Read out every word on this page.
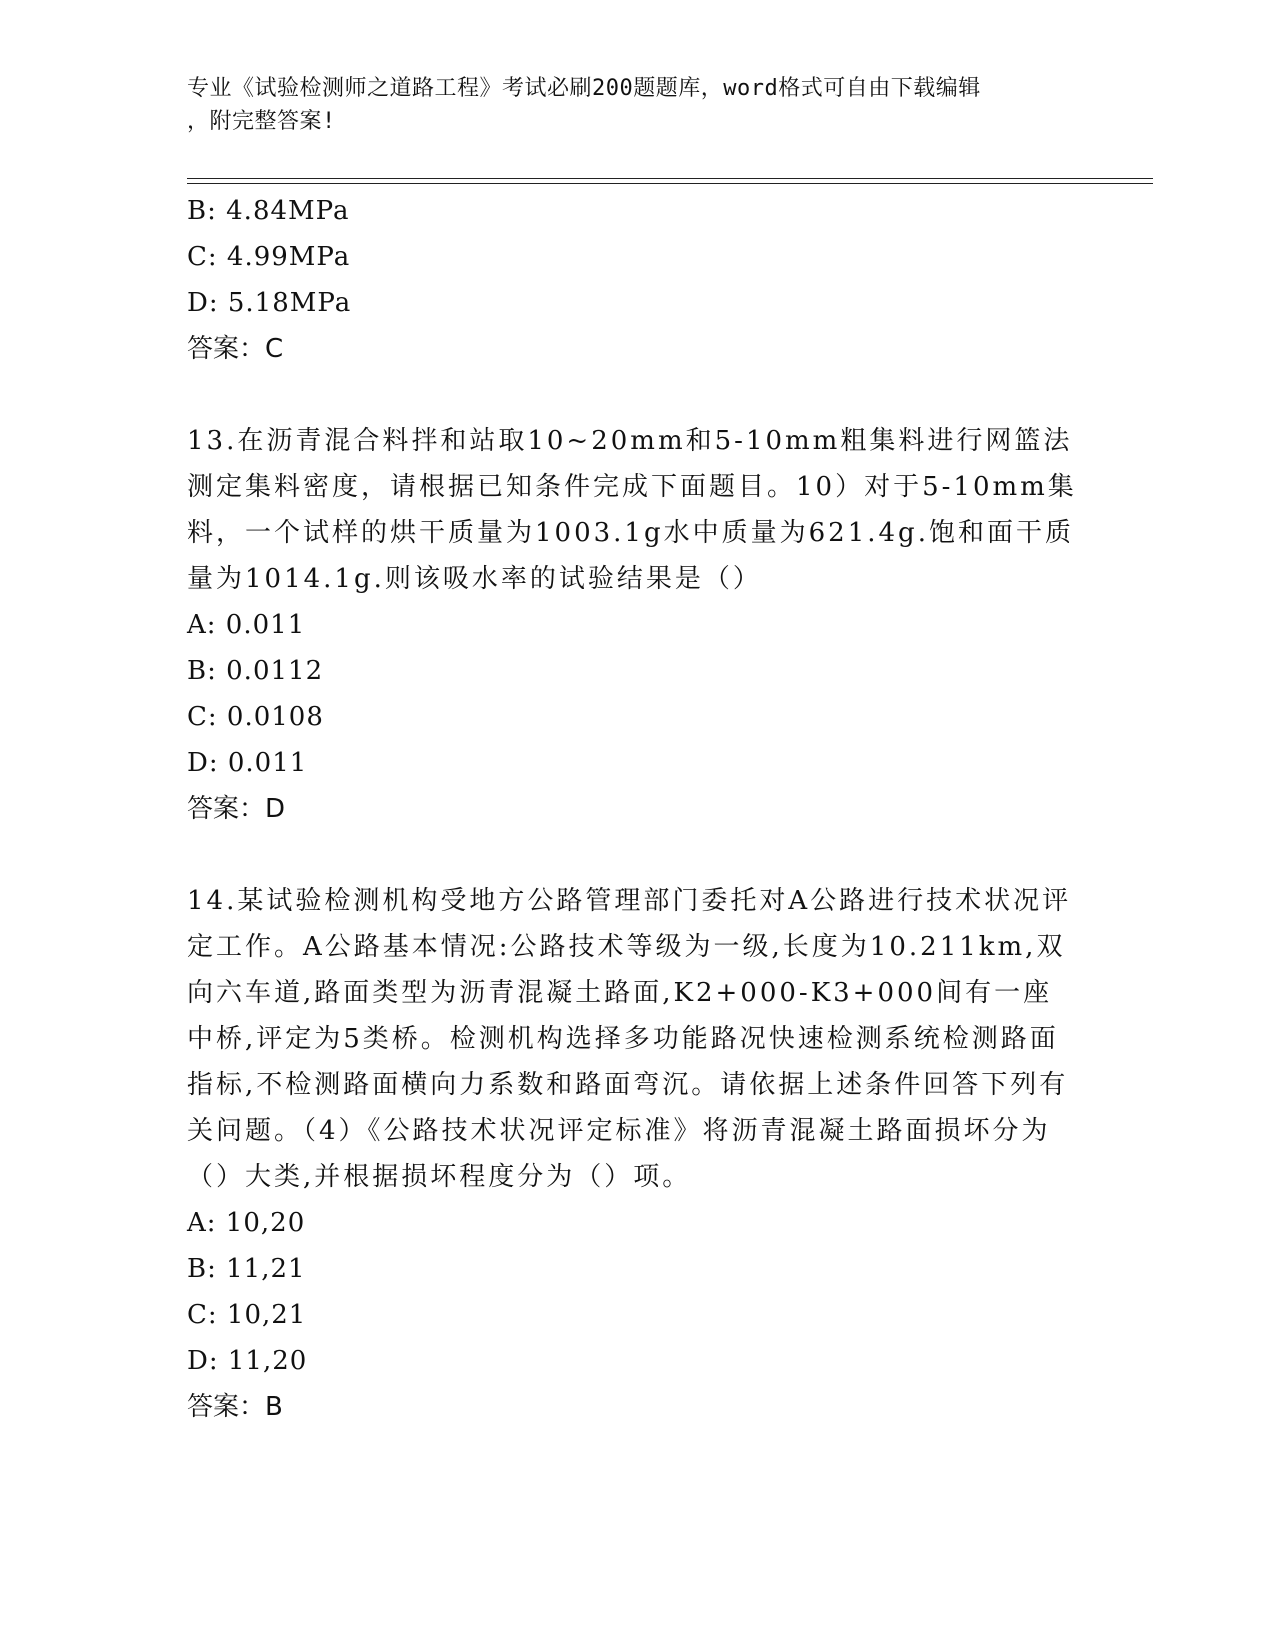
专业《试验检测师之道路工程》考试必刷200题题库，word格式可自由下载编辑
，附完整答案!
B: 4.84MPa
C: 4.99MPa
D: 5.18MPa
答案：C
13.在沥青混合料拌和站取10~20mm和5-10mm粗集料进行网篮法测定集料密度，请根据已知条件完成下面题目。10）对于5-10mm集料，一个试样的烘干质量为1003.1g水中质量为621.4g.饱和面干质量为1014.1g.则该吸水率的试验结果是（）
A: 0.011
B: 0.0112
C: 0.0108
D: 0.011
答案：D
14.某试验检测机构受地方公路管理部门委托对A公路进行技术状况评定工作。A公路基本情况:公路技术等级为一级,长度为10.211km,双向六车道,路面类型为沥青混凝土路面,K2+000-K3+000间有一座中桥,评定为5类桥。检测机构选择多功能路况快速检测系统检测路面指标,不检测路面横向力系数和路面弯沉。请依据上述条件回答下列有关问题。（4）《公路技术状况评定标准》将沥青混凝土路面损坏分为（）大类,并根据损坏程度分为（）项。
A: 10,20
B: 11,21
C: 10,21
D: 11,20
答案：B
